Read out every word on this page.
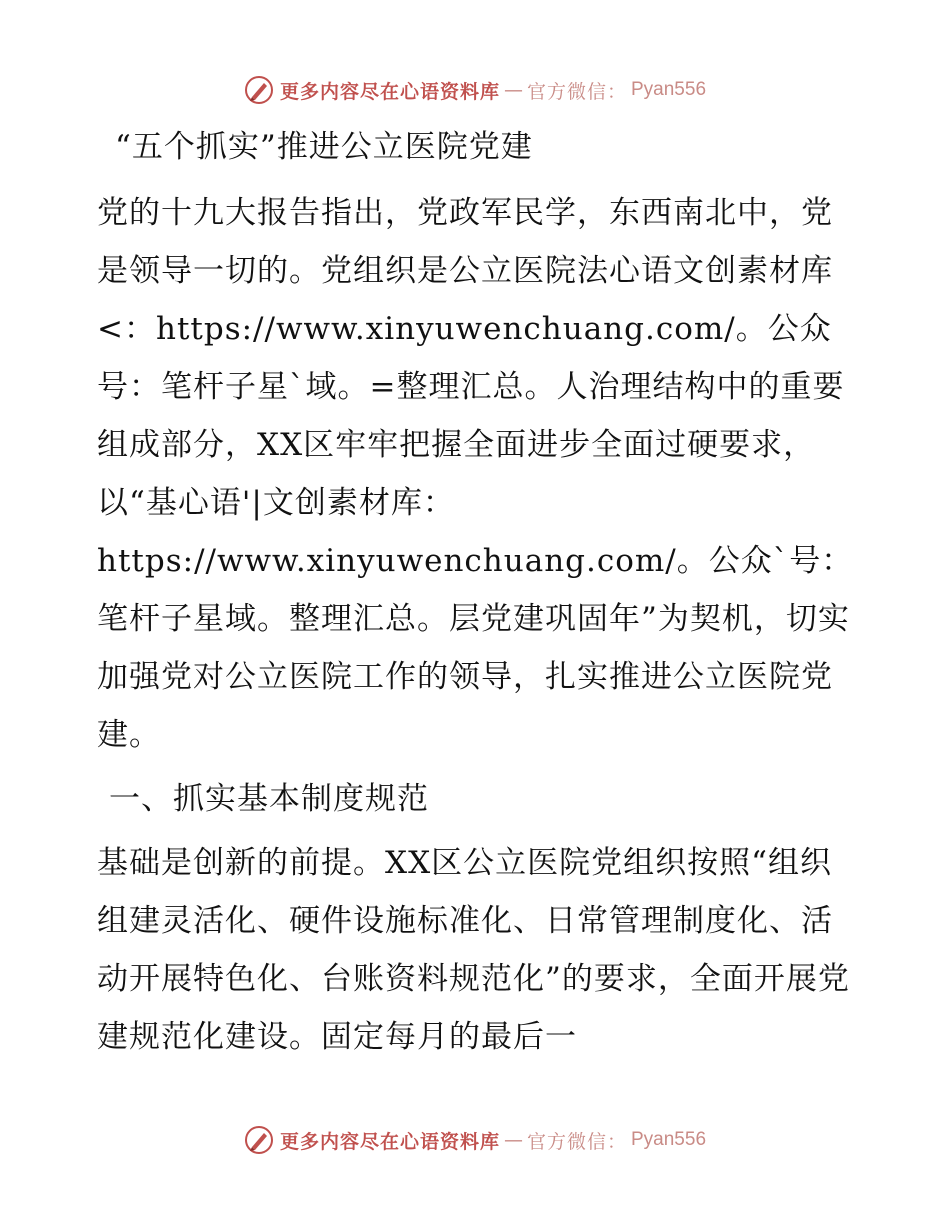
更多内容尽在心语资料库 — 官方微信： Pyan556

“五个抓实”推进公立医院党建

党的十九大报告指出，党政军民学，东西南北中，党是领导一切的。党组织是公立医院法心语文创素材库<：https://www.xinyuwenchuang.com/。公众号：笔杆子星`域。=整理汇总。人治理结构中的重要组成部分，XX区牢牢把握全面进步全面过硬要求，以“基心语'|文创素材库：https://www.xinyuwenchuang.com/。公众`号：笔杆子星域。整理汇总。层党建巩固年”为契机，切实加强党对公立医院工作的领导，扎实推进公立医院党建。

一、抓实基本制度规范

基础是创新的前提。XX区公立医院党组织按照“组织组建灵活化、硬件设施标准化、日常管理制度化、活动开展特色化、台账资料规范化”的要求，全面开展党建规范化建设。固定每月的最后一

更多内容尽在心语资料库 — 官方微信： Pyan556
